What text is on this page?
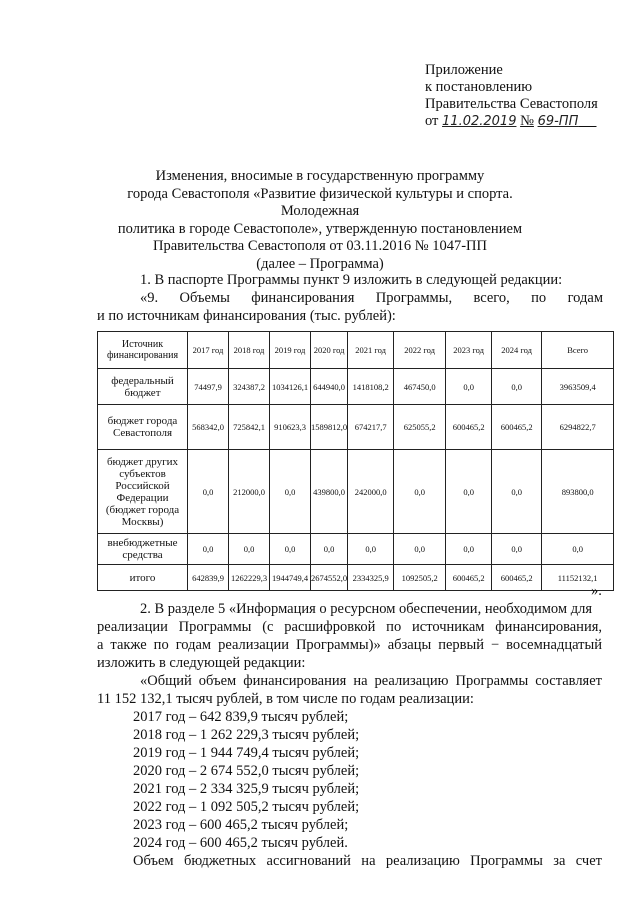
Приложение
к постановлению
Правительства Севастополя
от 11.02.2019 № 69-ПП
Изменения, вносимые в государственную программу
города Севастополя «Развитие физической культуры и спорта. Молодежная
политика в городе Севастополе», утвержденную постановлением
Правительства Севастополя от 03.11.2016 № 1047-ПП
(далее – Программа)
1. В паспорте Программы пункт 9 изложить в следующей редакции:
«9. Объемы финансирования Программы, всего, по годам
и по источникам финансирования (тыс. рублей):
Источник финансирования	2017 год	2018 год	2019 год	2020 год	2021 год	2022 год	2023 год	2024 год	Всего
федеральный бюджет	74497,9	324387,2	1034126,1	644940,0	1418108,2	467450,0	0,0	0,0	3963509,4
бюджет города Севастополя	568342,0	725842,1	910623,3	1589812,0	674217,7	625055,2	600465,2	600465,2	6294822,7
бюджет других субъектов Российской Федерации (бюджет города Москвы)	0,0	212000,0	0,0	439800,0	242000,0	0,0	0,0	0,0	893800,0
внебюджетные средства	0,0	0,0	0,0	0,0	0,0	0,0	0,0	0,0	0,0
итого	642839,9	1262229,3	1944749,4	2674552,0	2334325,9	1092505,2	600465,2	600465,2	11152132,1
».
2. В разделе 5 «Информация о ресурсном обеспечении, необходимом для
реализации Программы (с расшифровкой по источникам финансирования,
а также по годам реализации Программы)» абзацы первый − восемнадцатый
изложить в следующей редакции:
«Общий объем финансирования на реализацию Программы составляет
11 152 132,1 тысяч рублей, в том числе по годам реализации:
2017 год – 642 839,9 тысяч рублей;
2018 год – 1 262 229,3 тысяч рублей;
2019 год – 1 944 749,4 тысяч рублей;
2020 год – 2 674 552,0 тысяч рублей;
2021 год – 2 334 325,9 тысяч рублей;
2022 год – 1 092 505,2 тысяч рублей;
2023 год – 600 465,2 тысяч рублей;
2024 год – 600 465,2 тысяч рублей.
Объем бюджетных ассигнований на реализацию Программы за счет
